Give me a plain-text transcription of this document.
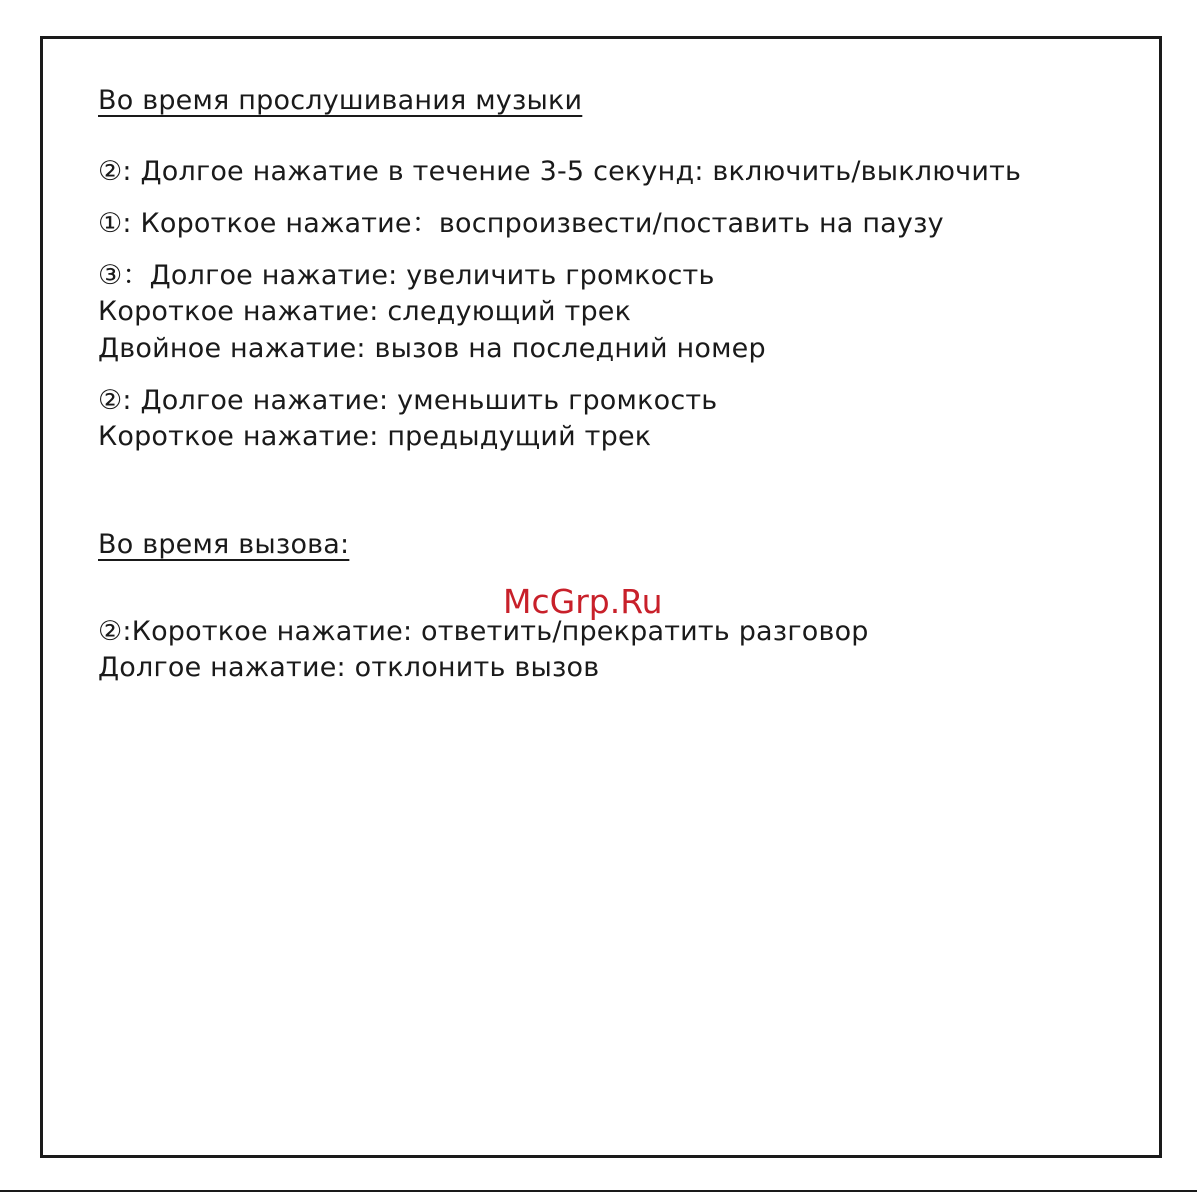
Во время прослушивания музыки
②: Долгое нажатие в течение 3-5 секунд: включить/выключить
①: Короткое нажатие：воспроизвести/поставить на паузу
③：Долгое нажатие: увеличить громкость
Короткое нажатие: следующий трек
Двойное нажатие: вызов на последний номер
②: Долгое нажатие: уменьшить громкость
Короткое нажатие: предыдущий трек
Во время вызова:
McGrp.Ru
②:Короткое нажатие: ответить/прекратить разговор
Долгое нажатие: отклонить вызов
